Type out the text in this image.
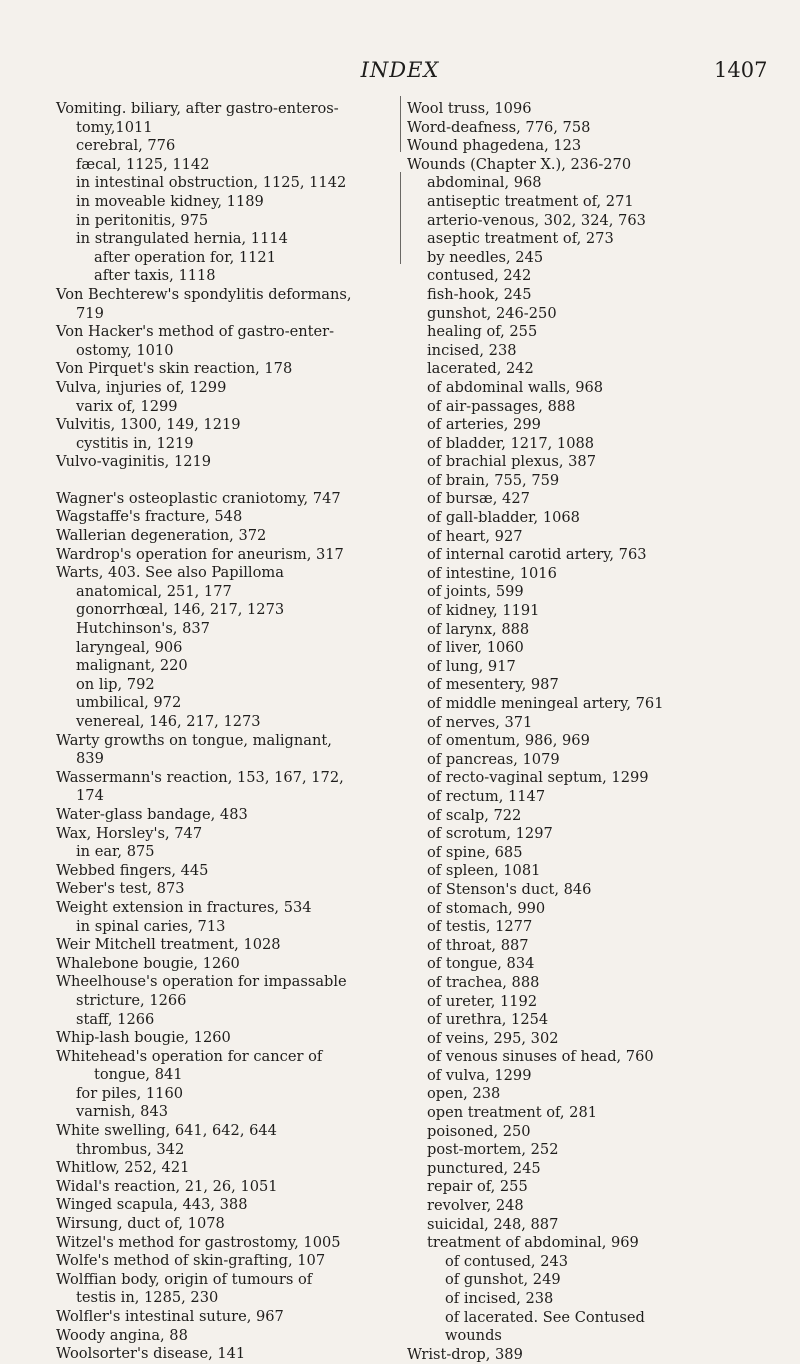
INDEX	1407
Vomiting. biliary, after gastro-enteros-
tomy,1011
cerebral, 776
fæcal, 1125, 1142
in intestinal obstruction, 1125, 1142
in moveable kidney, 1189
in peritonitis, 975
in strangulated hernia, 1114
after operation for, 1121
after taxis, 1118
Von Bechterew's spondylitis deformans,
719
Von Hacker's method of gastro-enter-
ostomy, 1010
Von Pirquet's skin reaction, 178
Vulva, injuries of, 1299
varix of, 1299
Vulvitis, 1300, 149, 1219
cystitis in, 1219
Vulvo-vaginitis, 1219
Wagner's osteoplastic craniotomy, 747
Wagstaffe's fracture, 548
Wallerian degeneration, 372
Wardrop's operation for aneurism, 317
Warts, 403. See also Papilloma
anatomical, 251, 177
gonorrhœal, 146, 217, 1273
Hutchinson's, 837
laryngeal, 906
malignant, 220
on lip, 792
umbilical, 972
venereal, 146, 217, 1273
Warty growths on tongue, malignant,
839
Wassermann's reaction, 153, 167, 172,
174
Water-glass bandage, 483
Wax, Horsley's, 747
in ear, 875
Webbed fingers, 445
Weber's test, 873
Weight extension in fractures, 534
in spinal caries, 713
Weir Mitchell treatment, 1028
Whalebone bougie, 1260
Wheelhouse's operation for impassable
stricture, 1266
staff, 1266
Whip-lash bougie, 1260
Whitehead's operation for cancer of
tongue, 841
for piles, 1160
varnish, 843
White swelling, 641, 642, 644
thrombus, 342
Whitlow, 252, 421
Widal's reaction, 21, 26, 1051
Winged scapula, 443, 388
Wirsung, duct of, 1078
Witzel's method for gastrostomy, 1005
Wolfe's method of skin-grafting, 107
Wolffian body, origin of tumours of
testis in, 1285, 230
Wolfler's intestinal suture, 967
Woody angina, 88
Woolsorter's disease, 141
Wool truss, 1096
Word-deafness, 776, 758
Wound phagedena, 123
Wounds (Chapter X.), 236-270
abdominal, 968
antiseptic treatment of, 271
arterio-venous, 302, 324, 763
aseptic treatment of, 273
by needles, 245
contused, 242
fish-hook, 245
gunshot, 246-250
healing of, 255
incised, 238
lacerated, 242
of abdominal walls, 968
of air-passages, 888
of arteries, 299
of bladder, 1217, 1088
of brachial plexus, 387
of brain, 755, 759
of bursæ, 427
of gall-bladder, 1068
of heart, 927
of internal carotid artery, 763
of intestine, 1016
of joints, 599
of kidney, 1191
of larynx, 888
of liver, 1060
of lung, 917
of mesentery, 987
of middle meningeal artery, 761
of nerves, 371
of omentum, 986, 969
of pancreas, 1079
of recto-vaginal septum, 1299
of rectum, 1147
of scalp, 722
of scrotum, 1297
of spine, 685
of spleen, 1081
of Stenson's duct, 846
of stomach, 990
of testis, 1277
of throat, 887
of tongue, 834
of trachea, 888
of ureter, 1192
of urethra, 1254
of veins, 295, 302
of venous sinuses of head, 760
of vulva, 1299
open, 238
open treatment of, 281
poisoned, 250
post-mortem, 252
punctured, 245
repair of, 255
revolver, 248
suicidal, 248, 887
treatment of abdominal, 969
of contused, 243
of gunshot, 249
of incised, 238
of lacerated. See Contused
wounds
Wrist-drop, 389
